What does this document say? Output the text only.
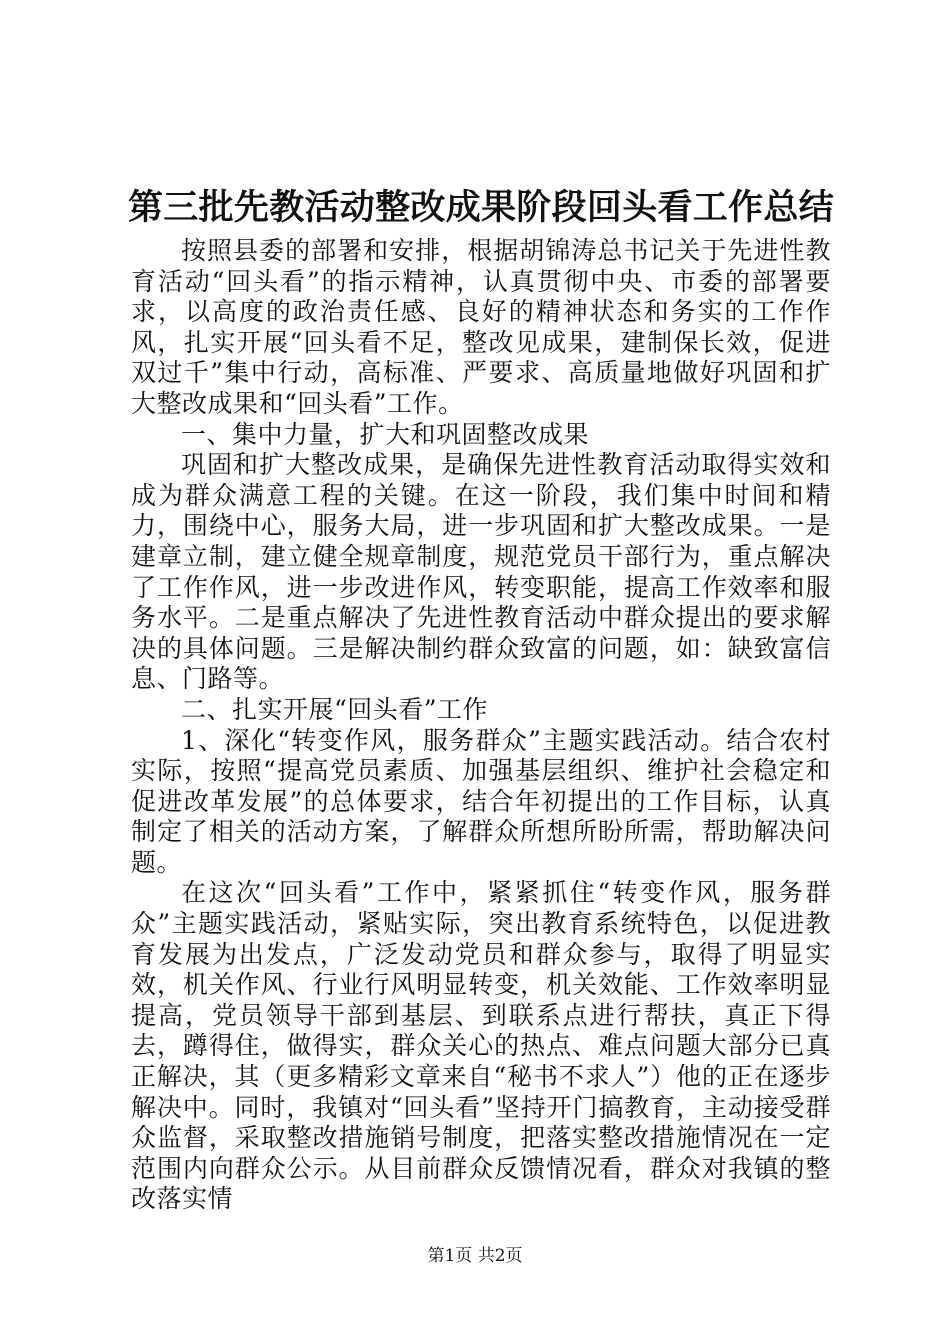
第三批先教活动整改成果阶段回头看工作总结

按照县委的部署和安排，根据胡锦涛总书记关于先进性教育活动“回头看”的指示精神，认真贯彻中央、市委的部署要求，以高度的政治责任感、良好的精神状态和务实的工作作风，扎实开展“回头看不足，整改见成果，建制保长效，促进双过千”集中行动，高标准、严要求、高质量地做好巩固和扩大整改成果和“回头看”工作。

一、集中力量，扩大和巩固整改成果

巩固和扩大整改成果，是确保先进性教育活动取得实效和成为群众满意工程的关键。在这一阶段，我们集中时间和精力，围绕中心，服务大局，进一步巩固和扩大整改成果。一是建章立制，建立健全规章制度，规范党员干部行为，重点解决了工作作风，进一步改进作风，转变职能，提高工作效率和服务水平。二是重点解决了先进性教育活动中群众提出的要求解决的具体问题。三是解决制约群众致富的问题，如：缺致富信息、门路等。

二、扎实开展“回头看”工作

1、深化“转变作风，服务群众”主题实践活动。结合农村实际，按照“提高党员素质、加强基层组织、维护社会稳定和促进改革发展”的总体要求，结合年初提出的工作目标，认真制定了相关的活动方案，了解群众所想所盼所需，帮助解决问题。

在这次“回头看”工作中，紧紧抓住“转变作风，服务群众”主题实践活动，紧贴实际，突出教育系统特色，以促进教育发展为出发点，广泛发动党员和群众参与，取得了明显实效，机关作风、行业行风明显转变，机关效能、工作效率明显提高，党员领导干部到基层、到联系点进行帮扶，真正下得去，蹲得住，做得实，群众关心的热点、难点问题大部分已真正解决，其（更多精彩文章来自“秘书不求人”）他的正在逐步解决中。同时，我镇对“回头看”坚持开门搞教育，主动接受群众监督，采取整改措施销号制度，把落实整改措施情况在一定范围内向群众公示。从目前群众反馈情况看，群众对我镇的整改落实情

第1页 共2页
